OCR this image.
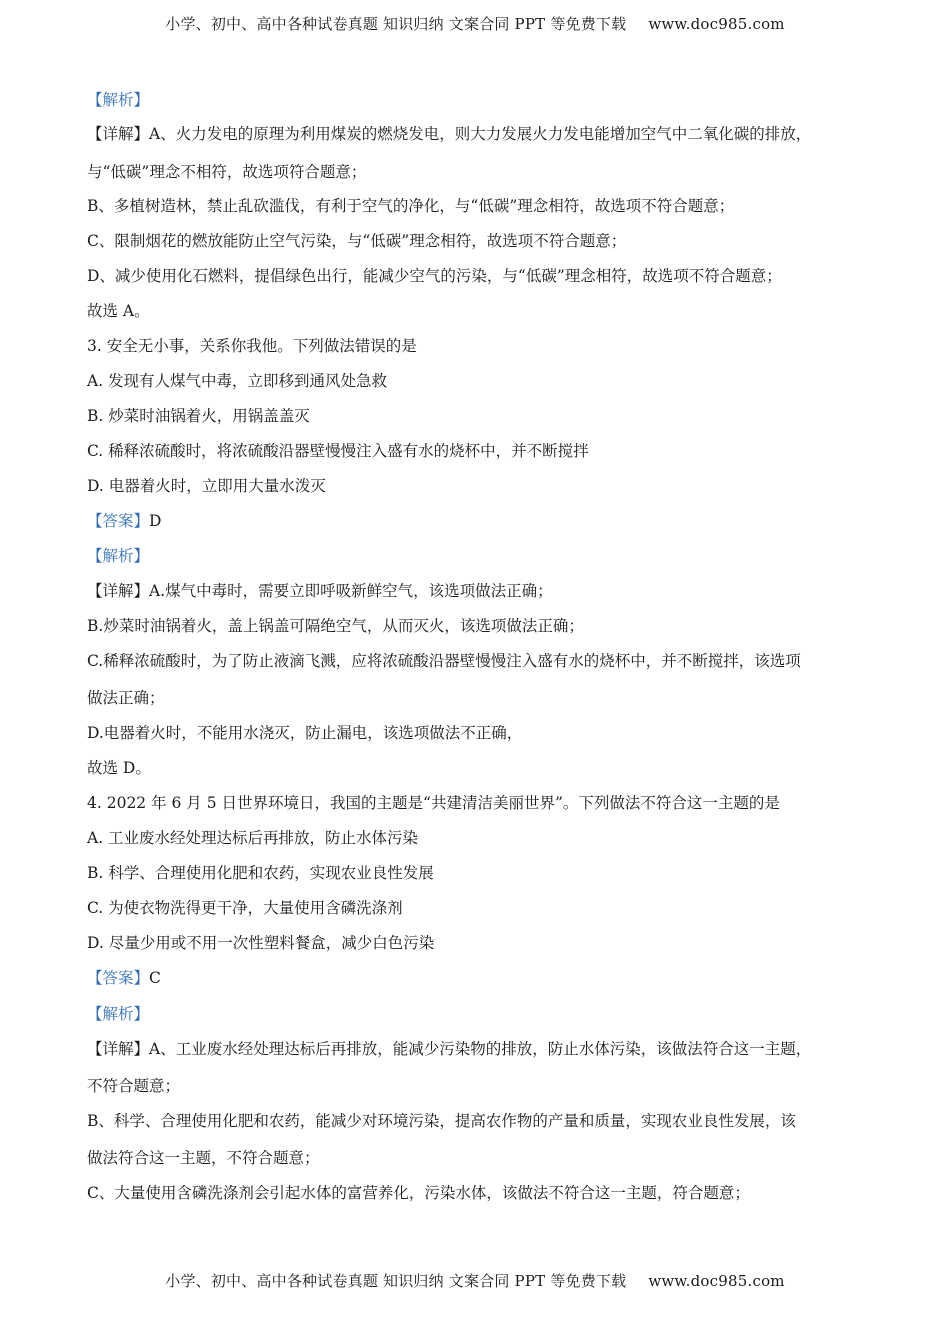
小学、初中、高中各种试卷真题 知识归纳 文案合同 PPT 等免费下载 www.doc985.com
【解析】
【详解】A、火力发电的原理为利用煤炭的燃烧发电，则大力发展火力发电能增加空气中二氧化碳的排放，
与“低碳”理念不相符，故选项符合题意；
B、多植树造林，禁止乱砍滥伐，有利于空气的净化，与“低碳”理念相符，故选项不符合题意；
C、限制烟花的燃放能防止空气污染，与“低碳”理念相符，故选项不符合题意；
D、减少使用化石燃料，提倡绿色出行，能减少空气的污染，与“低碳”理念相符，故选项不符合题意；
故选 A。
3. 安全无小事，关系你我他。下列做法错误的是
A. 发现有人煤气中毒，立即移到通风处急救
B. 炒菜时油锅着火，用锅盖盖灭
C. 稀释浓硫酸时，将浓硫酸沿器壁慢慢注入盛有水的烧杯中，并不断搅拌
D. 电器着火时，立即用大量水泼灭
【答案】D
【解析】
【详解】A.煤气中毒时，需要立即呼吸新鲜空气，该选项做法正确；
B.炒菜时油锅着火，盖上锅盖可隔绝空气，从而灭火，该选项做法正确；
C.稀释浓硫酸时，为了防止液滴飞溅，应将浓硫酸沿器壁慢慢注入盛有水的烧杯中，并不断搅拌，该选项
做法正确；
D.电器着火时，不能用水浇灭，防止漏电，该选项做法不正确，
故选 D。
4. 2022 年 6 月 5 日世界环境日，我国的主题是“共建清洁美丽世界”。下列做法不符合这一主题的是
A. 工业废水经处理达标后再排放，防止水体污染
B. 科学、合理使用化肥和农药，实现农业良性发展
C. 为使衣物洗得更干净，大量使用含磷洗涤剂
D. 尽量少用或不用一次性塑料餐盒，减少白色污染
【答案】C
【解析】
【详解】A、工业废水经处理达标后再排放，能减少污染物的排放，防止水体污染，该做法符合这一主题，
不符合题意；
B、科学、合理使用化肥和农药，能减少对环境污染，提高农作物的产量和质量，实现农业良性发展，该
做法符合这一主题，不符合题意；
C、大量使用含磷洗涤剂会引起水体的富营养化，污染水体，该做法不符合这一主题，符合题意；
小学、初中、高中各种试卷真题 知识归纳 文案合同 PPT 等免费下载 www.doc985.com
